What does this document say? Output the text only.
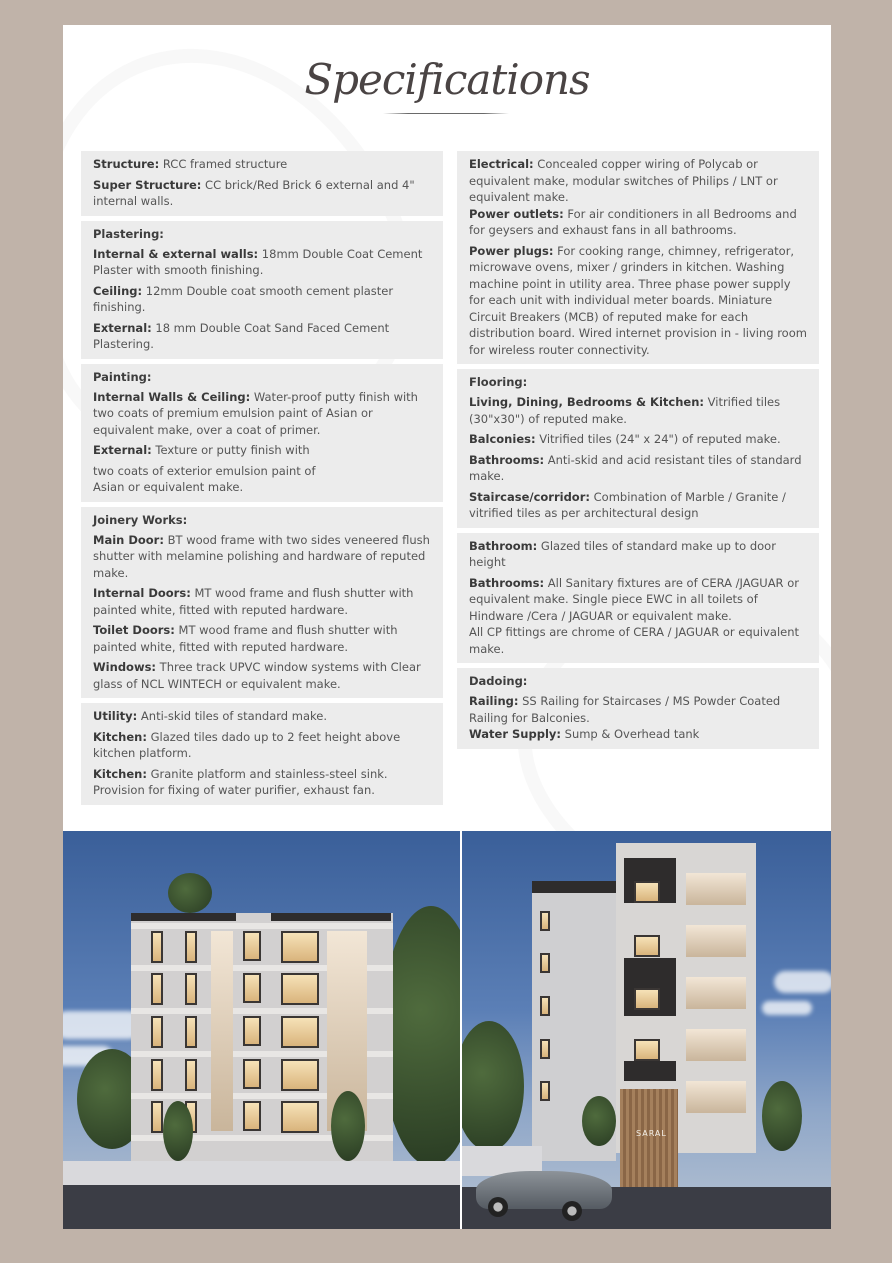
Specifications
Structure: RCC framed structure
Super Structure: CC brick/Red Brick 6 external and 4" internal walls.
Plastering:
Internal & external walls: 18mm Double Coat Cement Plaster with smooth finishing.
Ceiling: 12mm Double coat smooth cement plaster finishing.
External: 18 mm Double Coat Sand Faced Cement Plastering.
Painting:
Internal Walls & Ceiling: Water-proof putty finish with two coats of premium emulsion paint of Asian or equivalent make, over a coat of primer.
External: Texture or putty finish with
two coats of exterior emulsion paint of Asian or equivalent make.
Joinery Works:
Main Door: BT wood frame with two sides veneered flush shutter with melamine polishing and hardware of reputed make.
Internal Doors: MT wood frame and flush shutter with painted white, fitted with reputed hardware.
Toilet Doors: MT wood frame and flush shutter with painted white, fitted with reputed hardware.
Windows: Three track UPVC window systems with Clear glass of NCL WINTECH or equivalent make.
Utility: Anti-skid tiles of standard make.
Kitchen: Glazed tiles dado up to 2 feet height above kitchen platform.
Kitchen: Granite platform and stainless-steel sink. Provision for fixing of water purifier, exhaust fan.
Electrical: Concealed copper wiring of Polycab or equivalent make, modular switches of Philips / LNT or equivalent make.
Power outlets: For air conditioners in all Bedrooms and for geysers and exhaust fans in all bathrooms.
Power plugs: For cooking range, chimney, refrigerator, microwave ovens, mixer / grinders in kitchen. Washing machine point in utility area. Three phase power supply for each unit with individual meter boards. Miniature Circuit Breakers (MCB) of reputed make for each distribution board. Wired internet provision in - living room for wireless router connectivity.
Flooring:
Living, Dining, Bedrooms & Kitchen: Vitrified tiles (30"x30") of reputed make.
Balconies: Vitrified tiles (24" x 24") of reputed make.
Bathrooms: Anti-skid and acid resistant tiles of standard make.
Staircase/corridor: Combination of Marble / Granite / vitrified tiles as per architectural design
Bathroom: Glazed tiles of standard make up to door height
Bathrooms: All Sanitary fixtures are of CERA /JAGUAR or equivalent make. Single piece EWC in all toilets of Hindware /Cera / JAGUAR or equivalent make.
All CP fittings are chrome of CERA / JAGUAR or equivalent make.
Dadoing:
Railing: SS Railing for Staircases / MS Powder Coated Railing for Balconies.
Water Supply: Sump & Overhead tank
SARAL
